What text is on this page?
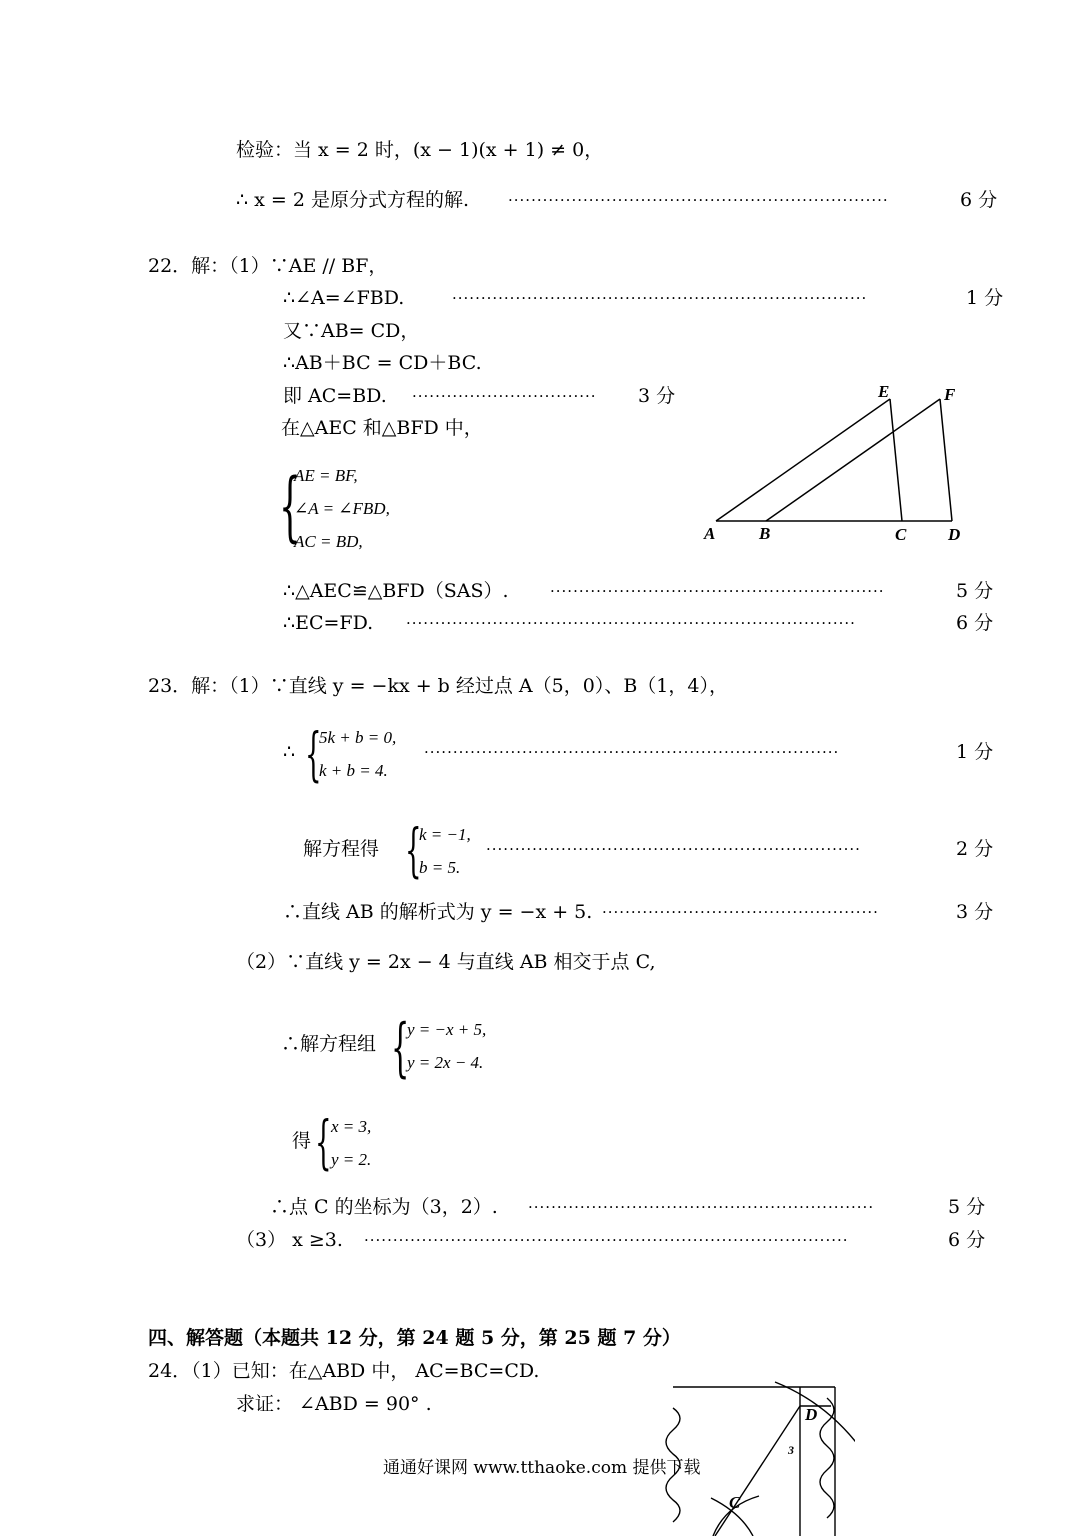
检验：当 x = 2 时，(x − 1)(x + 1) ≠ 0，
∴ x = 2 是原分式方程的解.	··································································	6 分
22．解：（1）∵AE // BF，
∴∠A=∠FBD.	········································································	1 分
又∵AB= CD，
∴AB＋BC = CD＋BC.
即 AC=BD. ································	3 分
在△AEC 和△BFD 中，
{
AE = BF,
∠A = ∠FBD,
AC = BD,
E	F
A	B	C D
∴△AEC≌△BFD（SAS）.	··························································	5 分
∴EC=FD. ··············································································	6 分
23．解：（1）∵直线 y = −kx + b 经过点 A（5，0）、B（1，4），
∴ {
5k + b = 0,
k + b = 4.
········································································	1 分
解方程得 {
k = −1,
b = 5.
·································································	2 分
∴直线 AB 的解析式为 y = −x + 5. ················································	3 分
（2）∵直线 y = 2x − 4 与直线 AB 相交于点 C,
∴解方程组 {
y = −x + 5,
y = 2x − 4.
得 { x = 3,
y = 2.
∴点 C 的坐标为（3，2）. ····························································	5 分
（3） x ≥3. ····················································································	6 分
四、解答题（本题共 12 分，第 24 题 5 分，第 25 题 7 分）
24．（1）已知：在△ABD 中， AC=BC=CD.
求证： ∠ABD = 90° .	D
C
3
通通好课网 www.tthaoke.com 提供下载
